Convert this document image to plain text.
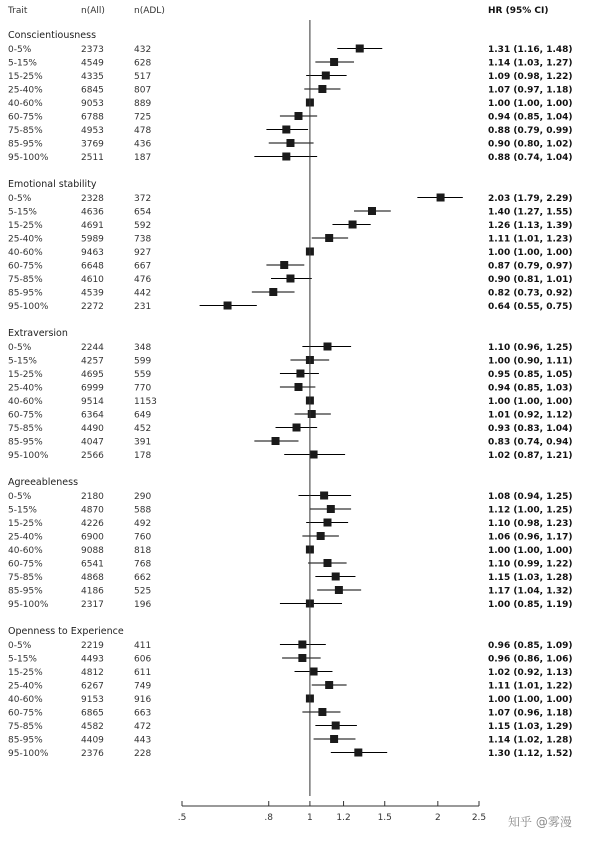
Trait	n(All)	n(ADL)	HR (95% CI)
Conscientiousness
0-5%	2373	432	1.31 (1.16, 1.48)
5-15%	4549	628	1.14 (1.03, 1.27)
15-25%	4335	517	1.09 (0.98, 1.22)
25-40%	6845	807	1.07 (0.97, 1.18)
40-60%	9053	889	1.00 (1.00, 1.00)
60-75%	6788	725	0.94 (0.85, 1.04)
75-85%	4953	478	0.88 (0.79, 0.99)
85-95%	3769	436	0.90 (0.80, 1.02)
95-100%	2511	187	0.88 (0.74, 1.04)
Emotional stability
0-5%	2328	372	2.03 (1.79, 2.29)
5-15%	4636	654	1.40 (1.27, 1.55)
15-25%	4691	592	1.26 (1.13, 1.39)
25-40%	5989	738	1.11 (1.01, 1.23)
40-60%	9463	927	1.00 (1.00, 1.00)
60-75%	6648	667	0.87 (0.79, 0.97)
75-85%	4610	476	0.90 (0.81, 1.01)
85-95%	4539	442	0.82 (0.73, 0.92)
95-100%	2272	231	0.64 (0.55, 0.75)
Extraversion
0-5%	2244	348	1.10 (0.96, 1.25)
5-15%	4257	599	1.00 (0.90, 1.11)
15-25%	4695	559	0.95 (0.85, 1.05)
25-40%	6999	770	0.94 (0.85, 1.03)
40-60%	9514	1153	1.00 (1.00, 1.00)
60-75%	6364	649	1.01 (0.92, 1.12)
75-85%	4490	452	0.93 (0.83, 1.04)
85-95%	4047	391	0.83 (0.74, 0.94)
95-100%	2566	178	1.02 (0.87, 1.21)
Agreeableness
0-5%	2180	290	1.08 (0.94, 1.25)
5-15%	4870	588	1.12 (1.00, 1.25)
15-25%	4226	492	1.10 (0.98, 1.23)
25-40%	6900	760	1.06 (0.96, 1.17)
40-60%	9088	818	1.00 (1.00, 1.00)
60-75%	6541	768	1.10 (0.99, 1.22)
75-85%	4868	662	1.15 (1.03, 1.28)
85-95%	4186	525	1.17 (1.04, 1.32)
95-100%	2317	196	1.00 (0.85, 1.19)
Openness to Experience
0-5%	2219	411	0.96 (0.85, 1.09)
5-15%	4493	606	0.96 (0.86, 1.06)
15-25%	4812	611	1.02 (0.92, 1.13)
25-40%	6267	749	1.11 (1.01, 1.22)
40-60%	9153	916	1.00 (1.00, 1.00)
60-75%	6865	663	1.07 (0.96, 1.18)
75-85%	4582	472	1.15 (1.03, 1.29)
85-95%	4409	443	1.14 (1.02, 1.28)
95-100%	2376	228	1.30 (1.12, 1.52)
.5	.8	1	1.2	1.5	2	2.5 知乎 @雾漫
